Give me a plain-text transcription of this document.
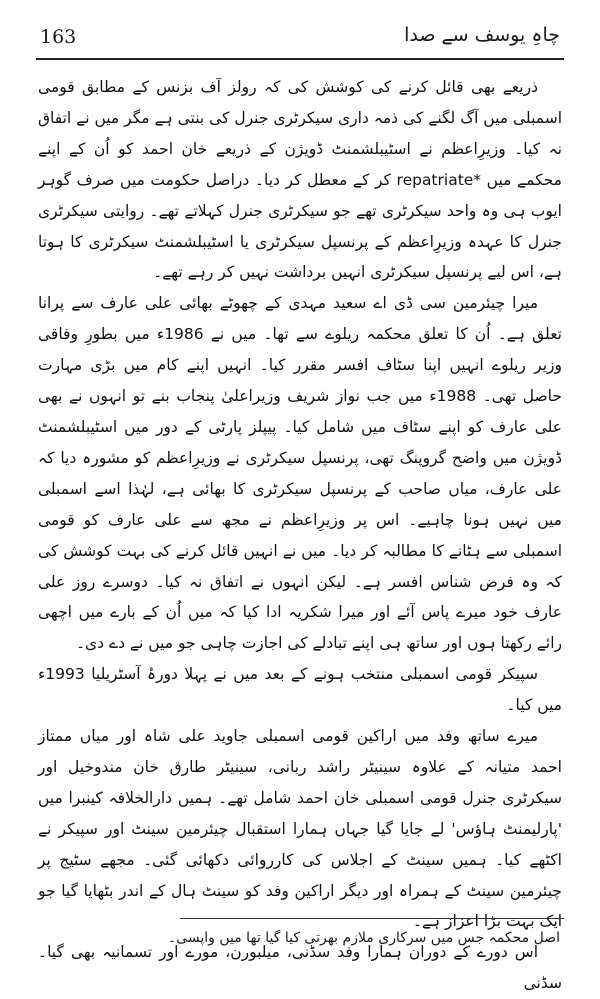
163	چاہِ یوسف سے صدا

ذریعے بھی قائل کرنے کی کوشش کی کہ رولز آف بزنس کے مطابق قومی اسمبلی میں آگ لگنے کی ذمہ داری سیکرٹری جنرل کی بنتی ہے مگر میں نے اتفاق نہ کیا۔ وزیرِاعظم نے اسٹیبلشمنٹ ڈویژن کے ذریعے خان احمد کو اُن کے اپنے محکمے میں repatriate* کر کے معطل کر دیا۔ دراصل حکومت میں صرف گوہر ایوب ہی وہ واحد سیکرٹری تھے جو سیکرٹری جنرل کہلاتے تھے۔ روایتی سیکرٹری جنرل کا عہدہ وزیرِاعظم کے پرنسپل سیکرٹری یا اسٹیبلشمنٹ سیکرٹری کا ہوتا ہے، اس لیے پرنسپل سیکرٹری انہیں برداشت نہیں کر رہے تھے۔

میرا چیئرمین سی ڈی اے سعید مہدی کے چھوٹے بھائی علی عارف سے پرانا تعلق ہے۔ اُن کا تعلق محکمہ ریلوے سے تھا۔ میں نے 1986ء میں بطورِ وفاقی وزیر ریلوے انہیں اپنا سٹاف افسر مقرر کیا۔ انہیں اپنے کام میں بڑی مہارت حاصل تھی۔ 1988ء میں جب نواز شریف وزیراعلیٰ پنجاب بنے تو انہوں نے بھی علی عارف کو اپنے سٹاف میں شامل کیا۔ پیپلز پارٹی کے دور میں اسٹیبلشمنٹ ڈویژن میں واضح گروپنگ تھی، پرنسپل سیکرٹری نے وزیرِاعظم کو مشورہ دیا کہ علی عارف، میاں صاحب کے پرنسپل سیکرٹری کا بھائی ہے، لہٰذا اسے اسمبلی میں نہیں ہونا چاہیے۔ اس پر وزیرِاعظم نے مجھ سے علی عارف کو قومی اسمبلی سے ہٹانے کا مطالبہ کر دیا۔ میں نے انہیں قائل کرنے کی بہت کوشش کی کہ وہ فرض شناس افسر ہے۔ لیکن انہوں نے اتفاق نہ کیا۔ دوسرے روز علی عارف خود میرے پاس آئے اور میرا شکریہ ادا کیا کہ میں اُن کے بارے میں اچھی رائے رکھتا ہوں اور ساتھ ہی اپنے تبادلے کی اجازت چاہی جو میں نے دے دی۔

سپیکر قومی اسمبلی منتخب ہونے کے بعد میں نے پہلا دورۂ آسٹریلیا 1993ء میں کیا۔

میرے ساتھ وفد میں اراکین قومی اسمبلی جاوید علی شاہ اور میاں ممتاز احمد متیانہ کے علاوہ سینیٹر راشد ربانی، سینیٹر طارق خان مندوخیل اور سیکرٹری جنرل قومی اسمبلی خان احمد شامل تھے۔ ہمیں دارالخلافہ کینبرا میں 'پارلیمنٹ ہاؤس' لے جایا گیا جہاں ہمارا استقبال چیئرمین سینٹ اور سپیکر نے اکٹھے کیا۔ ہمیں سینٹ کے اجلاس کی کارروائی دکھائی گئی۔ مجھے سٹیج پر چیئرمین سینٹ کے ہمراہ اور دیگر اراکین وفد کو سینٹ ہال کے اندر بٹھایا گیا جو ایک بہت بڑا اعزاز ہے۔

اس دورے کے دوران ہمارا وفد سڈنی، میلبورن، مورے اور تسمانیہ بھی گیا۔ سڈنی

اصل محکمہ جس میں سرکاری ملازم بھرتی کیا گیا تھا میں واپسی۔
